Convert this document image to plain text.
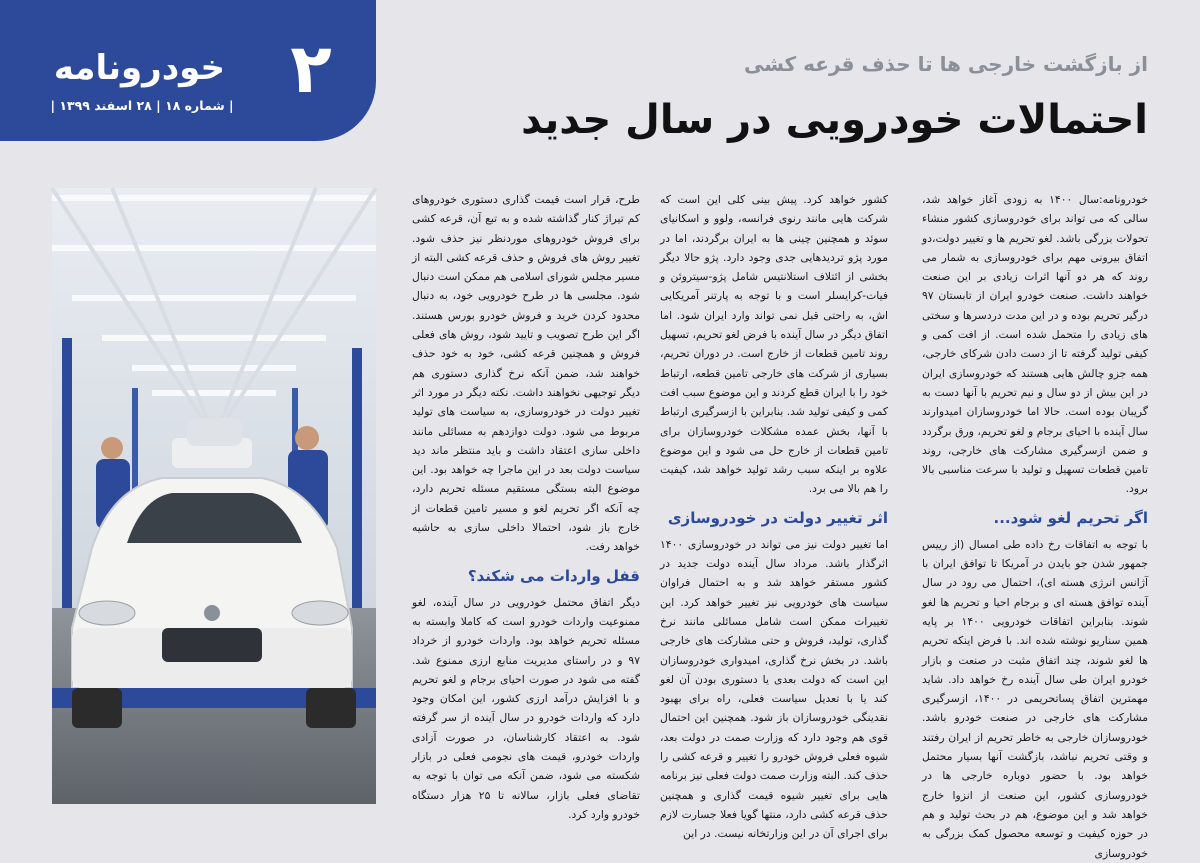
خودرونامه ۲
| شماره ۱۸ | ۲۸ اسفند ۱۳۹۹ |
از بازگشت خارجی ها تا حذف قرعه کشی
احتمالات خودرویی در سال جدید

خودرونامه:سال ۱۴۰۰ به زودی آغاز خواهد شد، سالی که می تواند برای خودروسازی کشور منشاء تحولات بزرگی باشد. لغو تحریم ها و تغییر دولت،دو اتفاق بیرونی مهم برای خودروسازی به شمار می روند که هر دو آنها اثرات زیادی بر این صنعت خواهند داشت. صنعت خودرو ایران از تابستان ۹۷ درگیر تحریم بوده و در این مدت دردسرها و سختی های زیادی را متحمل شده است. از افت کمی و کیفی تولید گرفته تا از دست دادن شرکای خارجی، همه جزو چالش هایی هستند که خودروسازی ایران در این بیش از دو سال و نیم تحریم با آنها دست به گریبان بوده است. حالا اما خودروسازان امیدوارند سال آینده با احیای برجام و لغو تحریم، ورق برگردد و ضمن ازسرگیری مشارکت های خارجی، روند تامین قطعات تسهیل و تولید با سرعت مناسبی بالا برود.

اگر تحریم لغو شود...

با توجه به اتفاقات رخ داده طی امسال (از رییس جمهور شدن جو بایدن در آمریکا تا توافق ایران با آژانس انرژی هسته ای)، احتمال می رود در سال آینده توافق هسته ای و برجام احیا و تحریم ها لغو شوند. بنابراین اتفاقات خودرویی ۱۴۰۰ بر پایه همین سناریو نوشته شده اند. با فرض اینکه تحریم ها لغو شوند، چند اتفاق مثبت در صنعت و بازار خودرو ایران طی سال آینده رخ خواهد داد. شاید مهمترین اتفاق پساتحریمی در ۱۴۰۰، ازسرگیری مشارکت های خارجی در صنعت خودرو باشد. خودروسازان خارجی به خاطر تحریم از ایران رفتند و وقتی تحریم نباشد، بازگشت آنها بسیار محتمل خواهد بود. با حضور دوباره خارجی ها در خودروسازی کشور، این صنعت از انزوا خارج خواهد شد و این موضوع، هم در بحث تولید و هم در حوزه کیفیت و توسعه محصول کمک بزرگی به خودروسازی

کشور خواهد کرد. پیش بینی کلی این است که شرکت هایی مانند رنوی فرانسه، ولوو و اسکانیای سوئد و همچنین چینی ها به ایران برگردند، اما در مورد پژو تردیدهایی جدی وجود دارد. پژو حالا دیگر بخشی از ائتلاف استلانتیس شامل پژو-سیتروئن و فیات-کرایسلر است و با توجه به پارتنر آمریکایی اش، به راحتی قبل نمی تواند وارد ایران شود. اما اتفاق دیگر در سال آینده با فرض لغو تحریم، تسهیل روند تامین قطعات از خارج است. در دوران تحریم، بسیاری از شرکت های خارجی تامین قطعه، ارتباط خود را با ایران قطع کردند و این موضوع سبب افت کمی و کیفی تولید شد. بنابراین با ازسرگیری ارتباط با آنها، بخش عمده مشکلات خودروسازان برای تامین قطعات از خارج حل می شود و این موضوع علاوه بر اینکه سبب رشد تولید خواهد شد، کیفیت را هم بالا می برد.

اثر تغییر دولت در خودروسازی

اما تغییر دولت نیز می تواند در خودروسازی ۱۴۰۰ اثرگذار باشد. مرداد سال آینده دولت جدید در کشور مستقر خواهد شد و به احتمال فراوان سیاست های خودرویی نیز تغییر خواهد کرد. این تغییرات ممکن است شامل مسائلی مانند نرخ گذاری، تولید، فروش و حتی مشارکت های خارجی باشد. در بخش نرخ گذاری، امیدواری خودروسازان این است که دولت بعدی یا دستوری بودن آن لغو کند یا با تعدیل سیاست فعلی، راه برای بهبود نقدینگی خودروسازان باز شود. همچنین این احتمال قوی هم وجود دارد که وزارت صمت در دولت بعد، شیوه فعلی فروش خودرو را تغییر و قرعه کشی را حذف کند. البته وزارت صمت دولت فعلی نیز برنامه هایی برای تغییر شیوه قیمت گذاری و همچنین حذف قرعه کشی دارد، منتها گویا فعلا جسارت لازم برای اجرای آن در این وزارتخانه نیست. در این

طرح، قرار است قیمت گذاری دستوری خودروهای کم تیراژ کنار گذاشته شده و به تبع آن، قرعه کشی برای فروش خودروهای موردنظر نیز حذف شود. تغییر روش های فروش و حذف قرعه کشی البته از مسیر مجلس شورای اسلامی هم ممکن است دنبال شود. مجلسی ها در طرح خودرویی خود، به دنبال محدود کردن خرید و فروش خودرو بورس هستند. اگر این طرح تصویب و تایید شود، روش های فعلی فروش و همچنین قرعه کشی، خود به خود حذف خواهند شد، ضمن آنکه نرخ گذاری دستوری هم دیگر توجیهی نخواهند داشت. نکته دیگر در مورد اثر تغییر دولت در خودروسازی، به سیاست های تولید مربوط می شود. دولت دوازدهم به مسائلی مانند داخلی سازی اعتقاد داشت و باید منتظر ماند دید سیاست دولت بعد در این ماجرا چه خواهد بود. این موضوع البته بستگی مستقیم مسئله تحریم دارد، چه آنکه اگر تحریم لغو و مسیر تامین قطعات از خارج باز شود، احتمالا داخلی سازی به حاشیه خواهد رفت.

قفل واردات می شکند؟

دیگر اتفاق محتمل خودرویی در سال آینده، لغو ممنوعیت واردات خودرو است که کاملا وابسته به مسئله تحریم خواهد بود. واردات خودرو از خرداد ۹۷ و در راستای مدیریت منابع ارزی ممنوع شد. گفته می شود در صورت احیای برجام و لغو تحریم و با افزایش درآمد ارزی کشور، این امکان وجود دارد که واردات خودرو در سال آینده از سر گرفته شود. به اعتقاد کارشناسان، در صورت آزادی واردات خودرو، قیمت های نجومی فعلی در بازار شکسته می شود، ضمن آنکه می توان با توجه به تقاضای فعلی بازار، سالانه تا ۲۵ هزار دستگاه خودرو وارد کرد.
